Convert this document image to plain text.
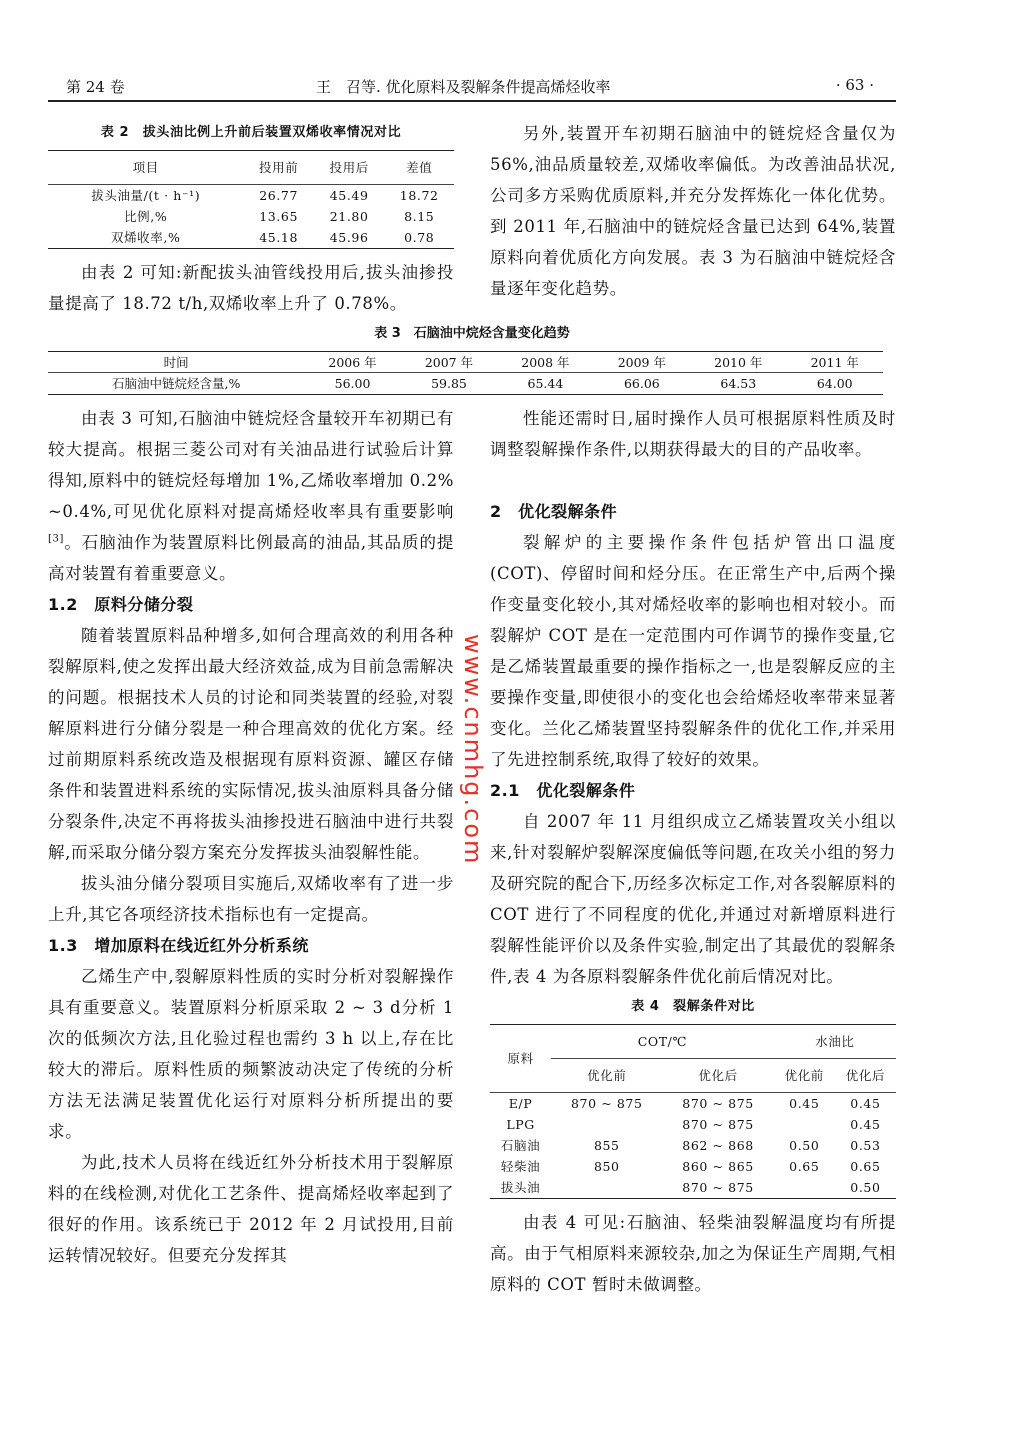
第 24 卷	王　召等. 优化原料及裂解条件提高烯烃收率	· 63 ·
表 2　拔头油比例上升前后装置双烯收率情况对比
项目	投用前	投用后	差值
拔头油量/(t · h⁻¹)	26.77	45.49	18.72
比例,%	13.65	21.80	8.15
双烯收率,%	45.18	45.96	0.78

由表 2 可知:新配拔头油管线投用后,拔头油掺投量提高了 18.72 t/h,双烯收率上升了 0.78%。

另外,装置开车初期石脑油中的链烷烃含量仅为 56%,油品质量较差,双烯收率偏低。为改善油品状况,公司多方采购优质原料,并充分发挥炼化一体化优势。到 2011 年,石脑油中的链烷烃含量已达到 64%,装置原料向着优质化方向发展。表 3 为石脑油中链烷烃含量逐年变化趋势。

表 3　石脑油中烷烃含量变化趋势
时间	2006 年	2007 年	2008 年	2009 年	2010 年	2011 年
石脑油中链烷烃含量,%	56.00	59.85	65.44	66.06	64.53	64.00

由表 3 可知,石脑油中链烷烃含量较开车初期已有较大提高。根据三菱公司对有关油品进行试验后计算得知,原料中的链烷烃每增加 1%,乙烯收率增加 0.2% ~0.4%,可见优化原料对提高烯烃收率具有重要影响[3]。石脑油作为装置原料比例最高的油品,其品质的提高对装置有着重要意义。

1.2　原料分储分裂

随着装置原料品种增多,如何合理高效的利用各种裂解原料,使之发挥出最大经济效益,成为目前急需解决的问题。根据技术人员的讨论和同类装置的经验,对裂解原料进行分储分裂是一种合理高效的优化方案。经过前期原料系统改造及根据现有原料资源、罐区存储条件和装置进料系统的实际情况,拔头油原料具备分储分裂条件,决定不再将拔头油掺投进石脑油中进行共裂解,而采取分储分裂方案充分发挥拔头油裂解性能。

拔头油分储分裂项目实施后,双烯收率有了进一步上升,其它各项经济技术指标也有一定提高。

1.3　增加原料在线近红外分析系统

乙烯生产中,裂解原料性质的实时分析对裂解操作具有重要意义。装置原料分析原采取 2 ~ 3 d分析 1 次的低频次方法,且化验过程也需约 3 h 以上,存在比较大的滞后。原料性质的频繁波动决定了传统的分析方法无法满足装置优化运行对原料分析所提出的要求。

为此,技术人员将在线近红外分析技术用于裂解原料的在线检测,对优化工艺条件、提高烯烃收率起到了很好的作用。该系统已于 2012 年 2 月试投用,目前运转情况较好。但要充分发挥其

性能还需时日,届时操作人员可根据原料性质及时调整裂解操作条件,以期获得最大的目的产品收率。

2　优化裂解条件

裂解炉的主要操作条件包括炉管出口温度(COT)、停留时间和烃分压。在正常生产中,后两个操作变量变化较小,其对烯烃收率的影响也相对较小。而裂解炉 COT 是在一定范围内可作调节的操作变量,它是乙烯装置最重要的操作指标之一,也是裂解反应的主要操作变量,即使很小的变化也会给烯烃收率带来显著变化。兰化乙烯装置坚持裂解条件的优化工作,并采用了先进控制系统,取得了较好的效果。

2.1　优化裂解条件

自 2007 年 11 月组织成立乙烯装置攻关小组以来,针对裂解炉裂解深度偏低等问题,在攻关小组的努力及研究院的配合下,历经多次标定工作,对各裂解原料的 COT 进行了不同程度的优化,并通过对新增原料进行裂解性能评价以及条件实验,制定出了其最优的裂解条件,表 4 为各原料裂解条件优化前后情况对比。

表 4　裂解条件对比
原料	COT/℃		水油比	
	优化前	优化后	优化前	优化后
E/P	870 ~ 875	870 ~ 875	0.45	0.45
LPG		870 ~ 875		0.45
石脑油	855	862 ~ 868	0.50	0.53
轻柴油	850	860 ~ 865	0.65	0.65
拔头油		870 ~ 875		0.50

由表 4 可见:石脑油、轻柴油裂解温度均有所提高。由于气相原料来源较杂,加之为保证生产周期,气相原料的 COT 暂时未做调整。

www.cnmhg.com
